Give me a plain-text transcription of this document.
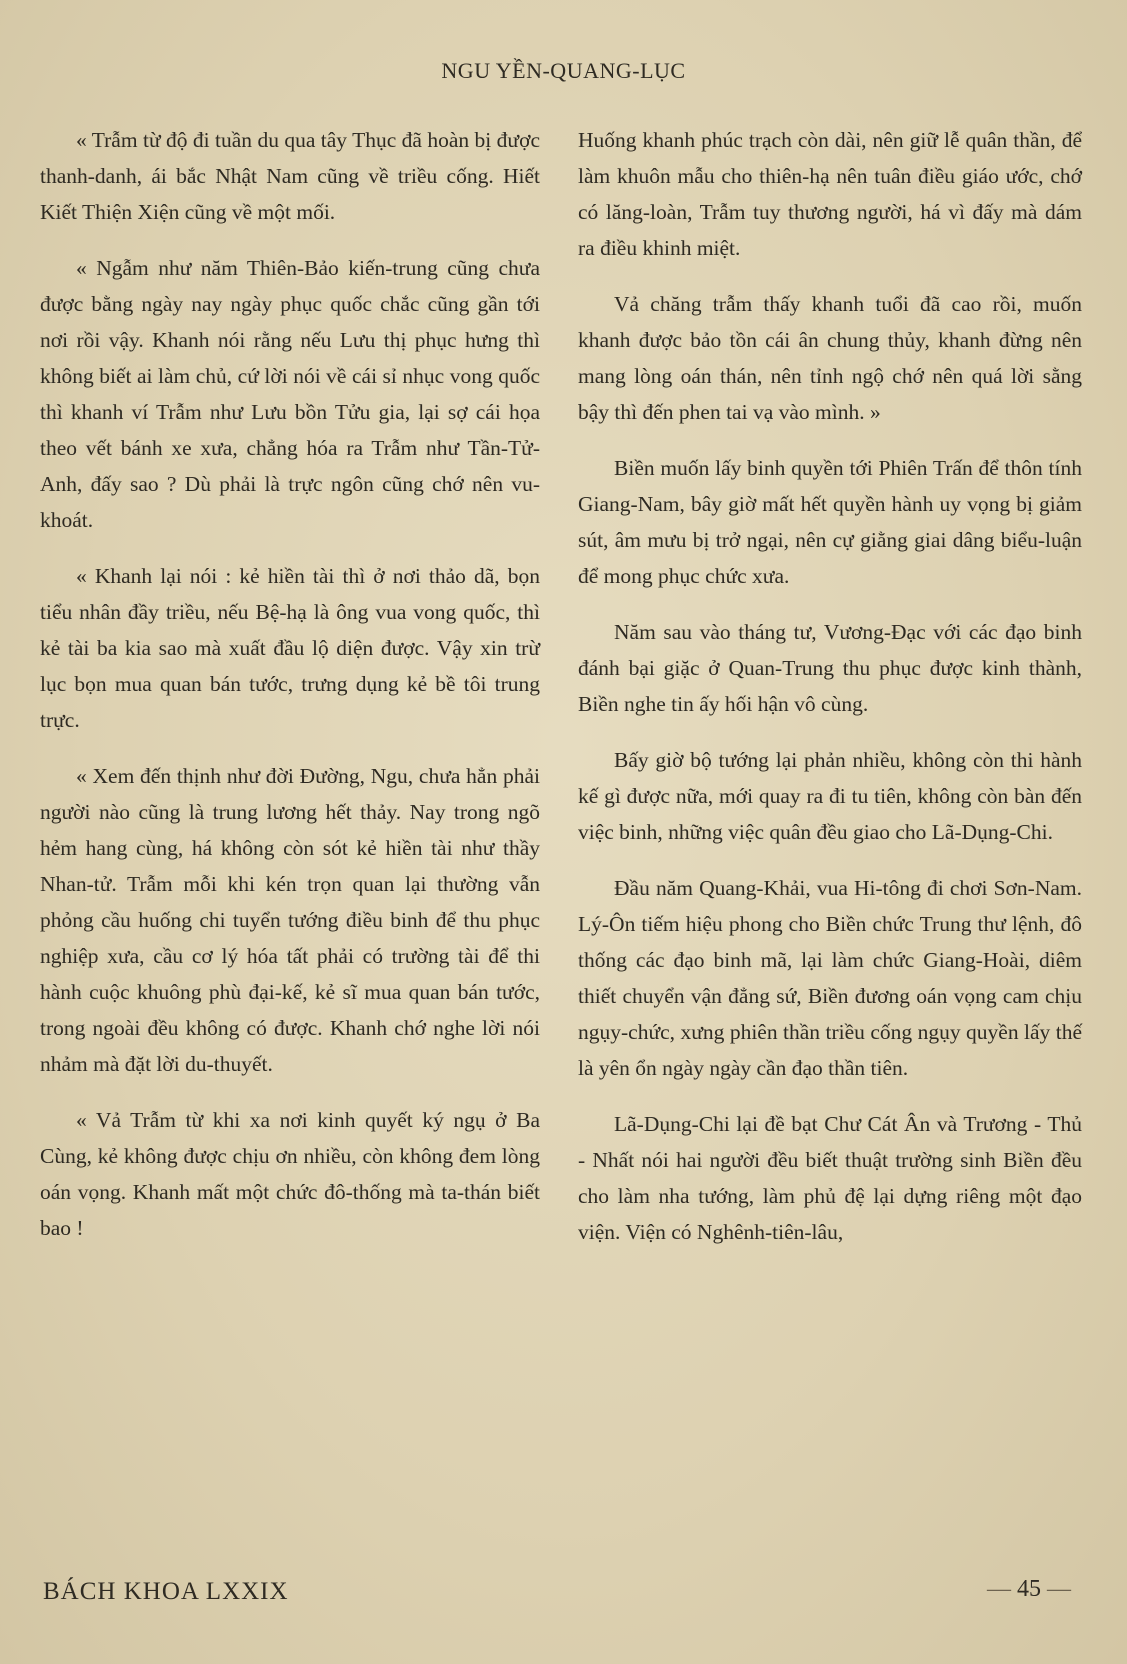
NGU YỀN-QUANG-LỤC

« Trẫm từ độ đi tuần du qua tây Thục đã hoàn bị được thanh-danh, ái bắc Nhật Nam cũng về triều cống. Hiết Kiết Thiện Xiện cũng về một mối.

« Ngẫm như năm Thiên-Bảo kiến-trung cũng chưa được bằng ngày nay ngày phục quốc chắc cũng gần tới nơi rồi vậy. Khanh nói rằng nếu Lưu thị phục hưng thì không biết ai làm chủ, cứ lời nói về cái sỉ nhục vong quốc thì khanh ví Trẫm như Lưu bồn Tửu gia, lại sợ cái họa theo vết bánh xe xưa, chẳng hóa ra Trẫm như Tần-Tử-Anh, đấy sao ? Dù phải là trực ngôn cũng chớ nên vu-khoát.

« Khanh lại nói : kẻ hiền tài thì ở nơi thảo dã, bọn tiểu nhân đầy triều, nếu Bệ-hạ là ông vua vong quốc, thì kẻ tài ba kia sao mà xuất đầu lộ diện được. Vậy xin trừ lục bọn mua quan bán tước, trưng dụng kẻ bề tôi trung trực.

« Xem đến thịnh như đời Đường, Ngu, chưa hẳn phải người nào cũng là trung lương hết thảy. Nay trong ngõ hẻm hang cùng, há không còn sót kẻ hiền tài như thầy Nhan-tử. Trẫm mỗi khi kén trọn quan lại thường vẫn phỏng cầu huống chi tuyển tướng điều binh để thu phục nghiệp xưa, cầu cơ lý hóa tất phải có trường tài để thi hành cuộc khuông phù đại-kế, kẻ sĩ mua quan bán tước, trong ngoài đều không có được. Khanh chớ nghe lời nói nhảm mà đặt lời du-thuyết.

« Vả Trẫm từ khi xa nơi kinh quyết ký ngụ ở Ba Cùng, kẻ không được chịu ơn nhiều, còn không đem lòng oán vọng. Khanh mất một chức đô-thống mà ta-thán biết bao !

Huống khanh phúc trạch còn dài, nên giữ lễ quân thần, để làm khuôn mẫu cho thiên-hạ nên tuân điều giáo ước, chớ có lăng-loàn, Trẫm tuy thương người, há vì đấy mà dám ra điều khinh miệt.

Vả chăng trẫm thấy khanh tuổi đã cao rồi, muốn khanh được bảo tồn cái ân chung thủy, khanh đừng nên mang lòng oán thán, nên tỉnh ngộ chớ nên quá lời sằng bậy thì đến phen tai vạ vào mình. »

Biền muốn lấy binh quyền tới Phiên Trấn để thôn tính Giang-Nam, bây giờ mất hết quyền hành uy vọng bị giảm sút, âm mưu bị trở ngại, nên cự giằng giai dâng biểu-luận để mong phục chức xưa.

Năm sau vào tháng tư, Vương-Đạc với các đạo binh đánh bại giặc ở Quan-Trung thu phục được kinh thành, Biền nghe tin ấy hối hận vô cùng.

Bấy giờ bộ tướng lại phản nhiều, không còn thi hành kế gì được nữa, mới quay ra đi tu tiên, không còn bàn đến việc binh, những việc quân đều giao cho Lã-Dụng-Chi.

Đầu năm Quang-Khải, vua Hi-tông đi chơi Sơn-Nam. Lý-Ôn tiếm hiệu phong cho Biền chức Trung thư lệnh, đô thống các đạo binh mã, lại làm chức Giang-Hoài, diêm thiết chuyển vận đẳng sứ, Biền đương oán vọng cam chịu ngụy-chức, xưng phiên thần triều cống ngụy quyền lấy thế là yên ổn ngày ngày cần đạo thần tiên.

Lã-Dụng-Chi lại đề bạt Chư Cát Ân và Trương - Thủ - Nhất nói hai người đều biết thuật trường sinh Biền đều cho làm nha tướng, làm phủ đệ lại dựng riêng một đạo viện. Viện có Nghênh-tiên-lâu,

BÁCH KHOA LXXIX	— 45 —
